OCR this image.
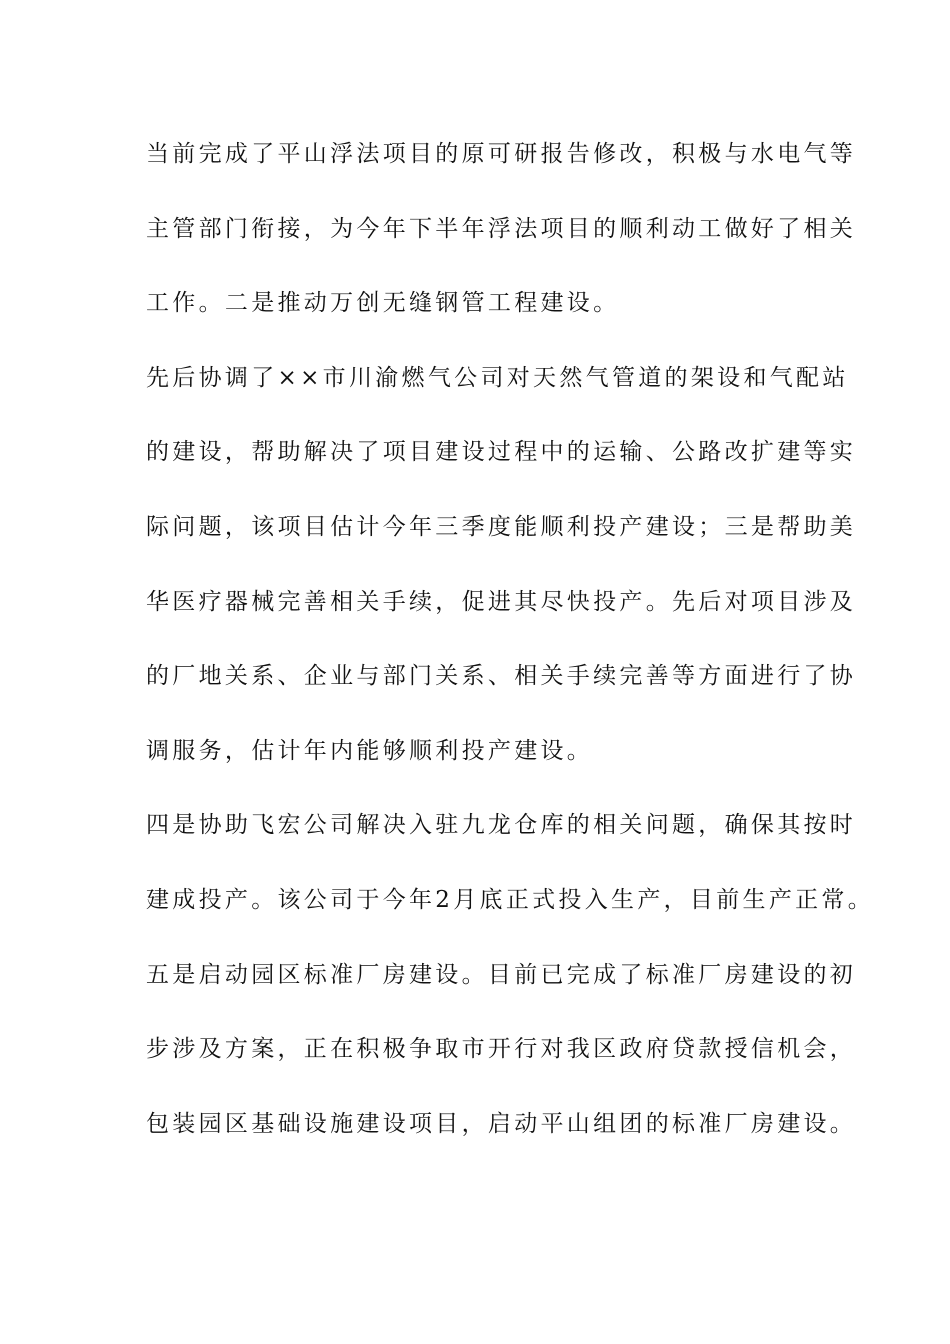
当前完成了平山浮法项目的原可研报告修改，积极与水电气等
主管部门衔接，为今年下半年浮法项目的顺利动工做好了相关
工作。二是推动万创无缝钢管工程建设。
先后协调了××市川渝燃气公司对天然气管道的架设和气配站
的建设，帮助解决了项目建设过程中的运输、公路改扩建等实
际问题，该项目估计今年三季度能顺利投产建设；三是帮助美
华医疗器械完善相关手续，促进其尽快投产。先后对项目涉及
的厂地关系、企业与部门关系、相关手续完善等方面进行了协
调服务，估计年内能够顺利投产建设。
四是协助飞宏公司解决入驻九龙仓库的相关问题，确保其按时
建成投产。该公司于今年2月底正式投入生产，目前生产正常。
五是启动园区标准厂房建设。目前已完成了标准厂房建设的初
步涉及方案，正在积极争取市开行对我区政府贷款授信机会，
包装园区基础设施建设项目，启动平山组团的标准厂房建设。
